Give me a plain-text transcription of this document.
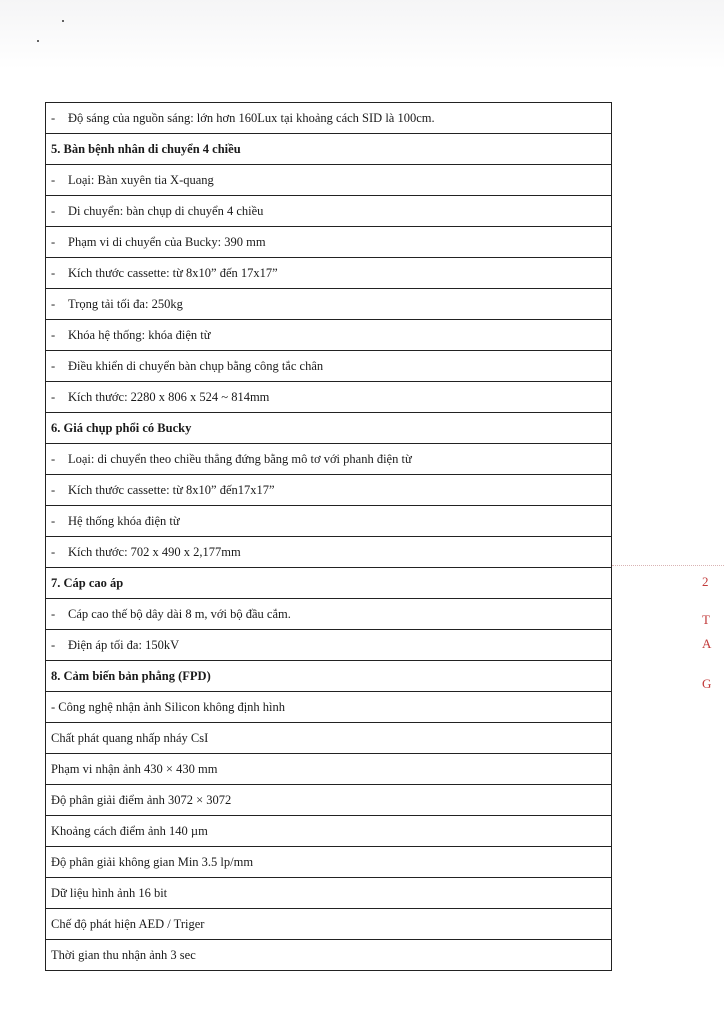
- Độ sáng của nguồn sáng: lớn hơn 160Lux tại khoảng cách SID là 100cm.
5. Bàn bệnh nhân di chuyển 4 chiều
- Loại: Bàn xuyên tia X-quang
- Di chuyển: bàn chụp di chuyển 4 chiều
- Phạm vi di chuyển của Bucky: 390 mm
- Kích thước cassette: từ 8x10” đến 17x17”
- Trọng tải tối đa: 250kg
- Khóa hệ thống: khóa điện từ
- Điều khiển di chuyển bàn chụp bằng công tắc chân
- Kích thước: 2280 x 806 x 524 ~ 814mm
6. Giá chụp phổi có Bucky
- Loại: di chuyển theo chiều thẳng đứng bằng mô tơ với phanh điện từ
- Kích thước cassette: từ 8x10” đến17x17”
- Hệ thống khóa điện từ
- Kích thước: 702 x 490 x 2,177mm
7. Cáp cao áp
- Cáp cao thế bộ dây dài 8 m, với bộ đầu cắm.
- Điện áp tối đa: 150kV
8. Cảm biến bản phẳng (FPD)
- Công nghệ nhận ảnh Silicon không định hình
Chất phát quang nhấp nháy CsI
Phạm vi nhận ảnh 430 × 430 mm
Độ phân giải điểm ảnh 3072 × 3072
Khoảng cách điểm ảnh 140 µm
Độ phân giải không gian Min 3.5 lp/mm
Dữ liệu hình ảnh 16 bit
Chế độ phát hiện AED / Triger
Thời gian thu nhận ảnh 3 sec
2
T
A
G
